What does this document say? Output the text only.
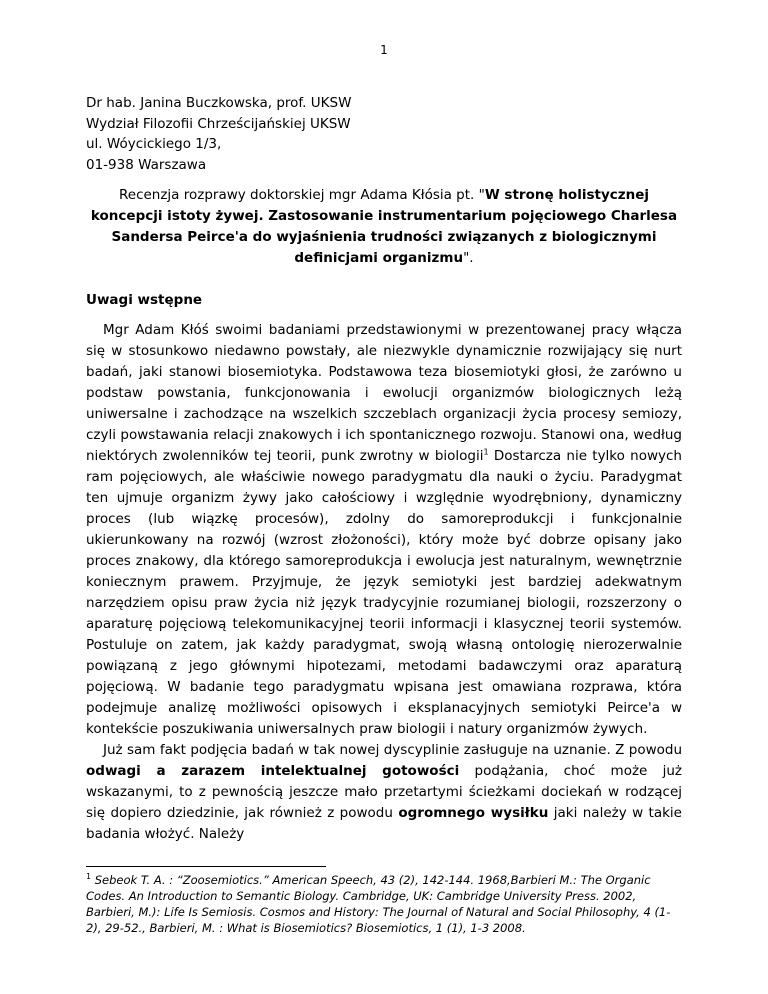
1
Dr hab. Janina Buczkowska, prof. UKSW
Wydział Filozofii Chrześcijańskiej UKSW
ul. Wóycickiego 1/3,
01-938 Warszawa
Recenzja rozprawy doktorskiej mgr Adama Kłósia pt. "W stronę holistycznej koncepcji istoty żywej. Zastosowanie instrumentarium pojęciowego Charlesa Sandersa Peirce'a do wyjaśnienia trudności związanych z biologicznymi definicjami organizmu".
Uwagi wstępne

Mgr Adam Kłóś swoimi badaniami przedstawionymi w prezentowanej pracy włącza się w stosunkowo niedawno powstały, ale niezwykle dynamicznie rozwijający się nurt badań, jaki stanowi biosemiotyka. Podstawowa teza biosemiotyki głosi, że zarówno u podstaw powstania, funkcjonowania i ewolucji organizmów biologicznych leżą uniwersalne i zachodzące na wszelkich szczeblach organizacji życia procesy semiozy, czyli powstawania relacji znakowych i ich spontanicznego rozwoju. Stanowi ona, według niektórych zwolenników tej teorii, punk zwrotny w biologii$^1$ Dostarcza nie tylko nowych ram pojęciowych, ale właściwie nowego paradygmatu dla nauki o życiu. Paradygmat ten ujmuje organizm żywy jako całościowy i względnie wyodrębniony, dynamiczny proces (lub wiązkę procesów), zdolny do samoreprodukcji i funkcjonalnie ukierunkowany na rozwój (wzrost złożoności), który może być dobrze opisany jako proces znakowy, dla którego samoreprodukcja i ewolucja jest naturalnym, wewnętrznie koniecznym prawem. Przyjmuje, że język semiotyki jest bardziej adekwatnym narzędziem opisu praw życia niż język tradycyjnie rozumianej biologii, rozszerzony o aparaturę pojęciową telekomunikacyjnej teorii informacji i klasycznej teorii systemów. Postuluje on zatem, jak każdy paradygmat, swoją własną ontologię nierozerwalnie powiązaną z jego głównymi hipotezami, metodami badawczymi oraz aparaturą pojęciową. W badanie tego paradygmatu wpisana jest omawiana rozprawa, która podejmuje analizę możliwości opisowych i eksplanacyjnych semiotyki Peirce'a w kontekście poszukiwania uniwersalnych praw biologii i natury organizmów żywych.

Już sam fakt podjęcia badań w tak nowej dyscyplinie zasługuje na uznanie. Z powodu odwagi a zarazem intelektualnej gotowości podążania, choć może już wskazanymi, to z pewnością jeszcze mało przetartymi ścieżkami dociekań w rodzącej się dopiero dziedzinie, jak również z powodu ogromnego wysiłku jaki należy w takie badania włożyć. Należy

$^1$ Sebeok T. A. : “Zoosemiotics.” American Speech, 43 (2), 142-144. 1968,Barbieri M.: The Organic Codes. An Introduction to Semantic Biology. Cambridge, UK: Cambridge University Press. 2002, Barbieri, M.): Life Is Semiosis. Cosmos and History: The Journal of Natural and Social Philosophy, 4 (1-2), 29-52., Barbieri, M. : What is Biosemiotics? Biosemiotics, 1 (1), 1-3 2008.
